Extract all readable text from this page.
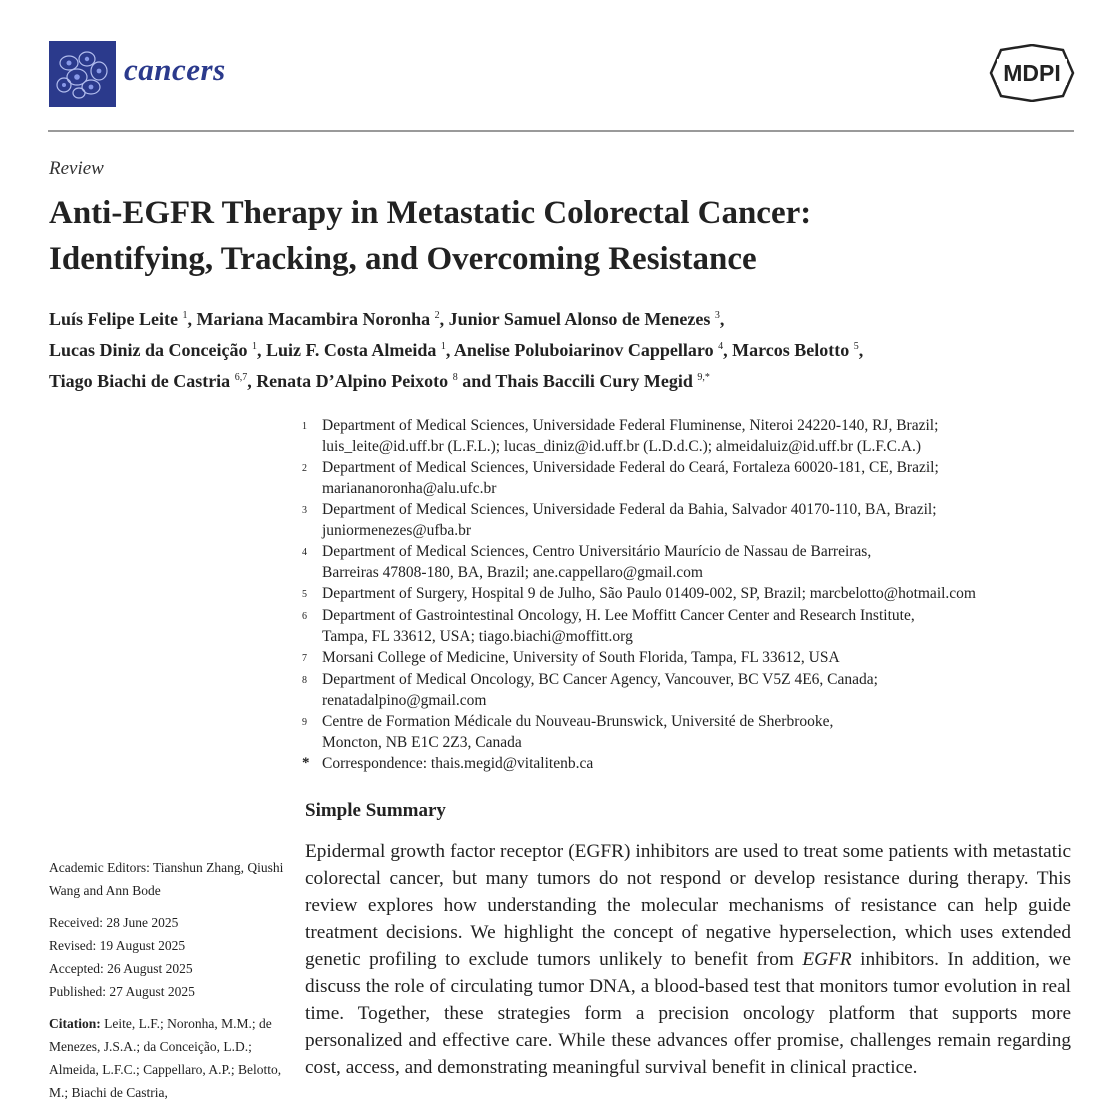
cancers	MDPI
Review
Anti-EGFR Therapy in Metastatic Colorectal Cancer:
Identifying, Tracking, and Overcoming Resistance
Luís Felipe Leite $^1$, Mariana Macambira Noronha $^2$, Junior Samuel Alonso de Menezes $^3$,
Lucas Diniz da Conceição $^1$, Luiz F. Costa Almeida $^1$, Anelise Poluboiarinov Cappellaro $^4$, Marcos Belotto $^5$,
Tiago Biachi de Castria $^{6,7}$, Renata D’Alpino Peixoto $^8$ and Thais Baccili Cury Megid $^{9,*}$
1 Department of Medical Sciences, Universidade Federal Fluminense, Niteroi 24220-140, RJ, Brazil;
luis_leite@id.uff.br (L.F.L.); lucas_diniz@id.uff.br (L.D.d.C.); almeidaluiz@id.uff.br (L.F.C.A.)
2 Department of Medical Sciences, Universidade Federal do Ceará, Fortaleza 60020-181, CE, Brazil;
mariananoronha@alu.ufc.br
3 Department of Medical Sciences, Universidade Federal da Bahia, Salvador 40170-110, BA, Brazil;
juniormenezes@ufba.br
4 Department of Medical Sciences, Centro Universitário Maurício de Nassau de Barreiras,
Barreiras 47808-180, BA, Brazil; ane.cappellaro@gmail.com
5 Department of Surgery, Hospital 9 de Julho, São Paulo 01409-002, SP, Brazil; marcbelotto@hotmail.com
6 Department of Gastrointestinal Oncology, H. Lee Moffitt Cancer Center and Research Institute,
Tampa, FL 33612, USA; tiago.biachi@moffitt.org
7 Morsani College of Medicine, University of South Florida, Tampa, FL 33612, USA
8 Department of Medical Oncology, BC Cancer Agency, Vancouver, BC V5Z 4E6, Canada;
renatadalpino@gmail.com
9 Centre de Formation Médicale du Nouveau-Brunswick, Université de Sherbrooke,
Moncton, NB E1C 2Z3, Canada
* Correspondence: thais.megid@vitalitenb.ca
Simple Summary
Epidermal growth factor receptor (EGFR) inhibitors are used to treat some patients with metastatic colorectal cancer, but many tumors do not respond or develop resistance during therapy. This review explores how understanding the molecular mechanisms of resistance can help guide treatment decisions. We highlight the concept of negative hyperselection, which uses extended genetic profiling to exclude tumors unlikely to benefit from EGFR inhibitors. In addition, we discuss the role of circulating tumor DNA, a blood-based test that monitors tumor evolution in real time. Together, these strategies form a precision oncology platform that supports more personalized and effective care. While these advances offer promise, challenges remain regarding cost, access, and demonstrating meaningful survival benefit in clinical practice.
Academic Editors: Tianshun Zhang, Qiushi Wang and Ann Bode
Received: 28 June 2025
Revised: 19 August 2025
Accepted: 26 August 2025
Published: 27 August 2025
Citation: Leite, L.F.; Noronha, M.M.; de Menezes, J.S.A.; da Conceição, L.D.; Almeida, L.F.C.; Cappellaro, A.P.; Belotto, M.; Biachi de Castria,
